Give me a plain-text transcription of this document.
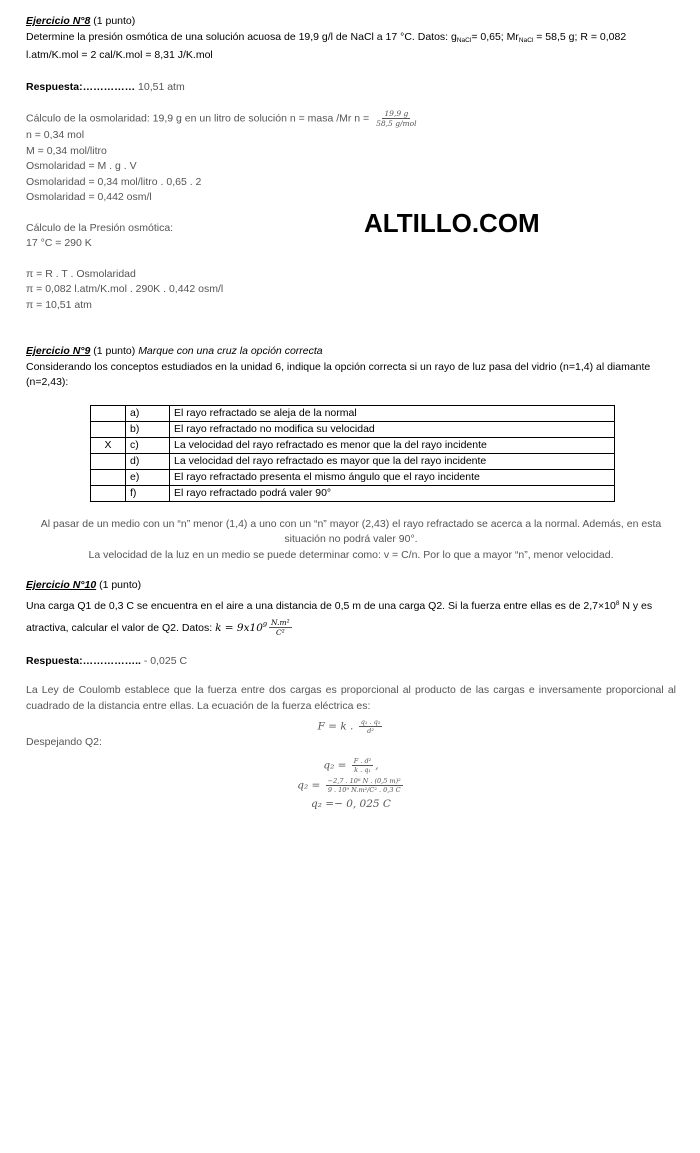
ALTILLO.COM
Ejercicio N°8 (1 punto)
Determine la presión osmótica de una solución acuosa de 19,9 g/l de NaCl a 17 °C. Datos: $g_{NaCl}= 0,65$; $Mr_{NaCl} = 58,5$ g; R = 0,082 l.atm/K.mol = 2 cal/K.mol = 8,31 J/K.mol
Respuesta:…………… 10,51 atm
Cálculo de la osmolaridad: 19,9 g en un litro de solución n = masa /Mr $n = \frac{19,9 g}{\text{58,5 g/mol}}$
n = 0,34 mol
M = 0,34 mol/litro
Osmolaridad = M . g . V
Osmolaridad = 0,34 mol/litro . 0,65 . 2
Osmolaridad = 0,442 osm/l
Cálculo de la Presión osmótica:
17 °C = 290 K
π = R . T . Osmolaridad
π = 0,082 l.atm/K.mol . 290K . 0,442 osm/l
π = 10,51 atm
Ejercicio N°9 (1 punto) Marque con una cruz la opción correcta
Considerando los conceptos estudiados en la unidad 6, indique la opción correcta si un rayo de luz pasa del vidrio (n=1,4) al diamante (n=2,43):
	a)	El rayo refractado se aleja de la normal
	b)	El rayo refractado no modifica su velocidad
X	c)	La velocidad del rayo refractado es menor que la del rayo incidente
	d)	La velocidad del rayo refractado es mayor que la del rayo incidente
	e)	El rayo refractado presenta el mismo ángulo que el rayo incidente
	f)	El rayo refractado podrá valer 90°
Al pasar de un medio con un “n” menor (1,4) a uno con un “n” mayor (2,43) el rayo refractado se acerca a la normal. Además, en esta situación no podrá valer 90°.
La velocidad de la luz en un medio se puede determinar como: v = C/n. Por lo que a mayor “n”, menor velocidad.
Ejercicio N°10 (1 punto)
Una carga Q1 de 0,3 C se encuentra en el aire a una distancia de 0,5 m de una carga Q2. Si la fuerza entre ellas es de $2,7\times 10^8$ N y es atractiva, calcular el valor de Q2. Datos: $k = 9x10^9 \frac{\text{N.m²}}{\text{C²}}$
Respuesta:…………….. - 0,025 C
La Ley de Coulomb establece que la fuerza entre dos cargas es proporcional al producto de las cargas e inversamente proporcional al cuadrado de la distancia entre ellas. La ecuación de la fuerza eléctrica es:
F = k . $\frac{\text{q₁ . q₂}}{\text{d²}}$
Despejando Q2:
$q_2 = \frac{\text{F . d²}}{\text{k . q₁}}$ ,
$q_2 = \frac{\text{−2,7 . 10⁸ N . (0,5 m)²}}{\text{9 . 10⁹ N.m²/C² . 0,3 C}}$
q₂ =− 0, 025 C
